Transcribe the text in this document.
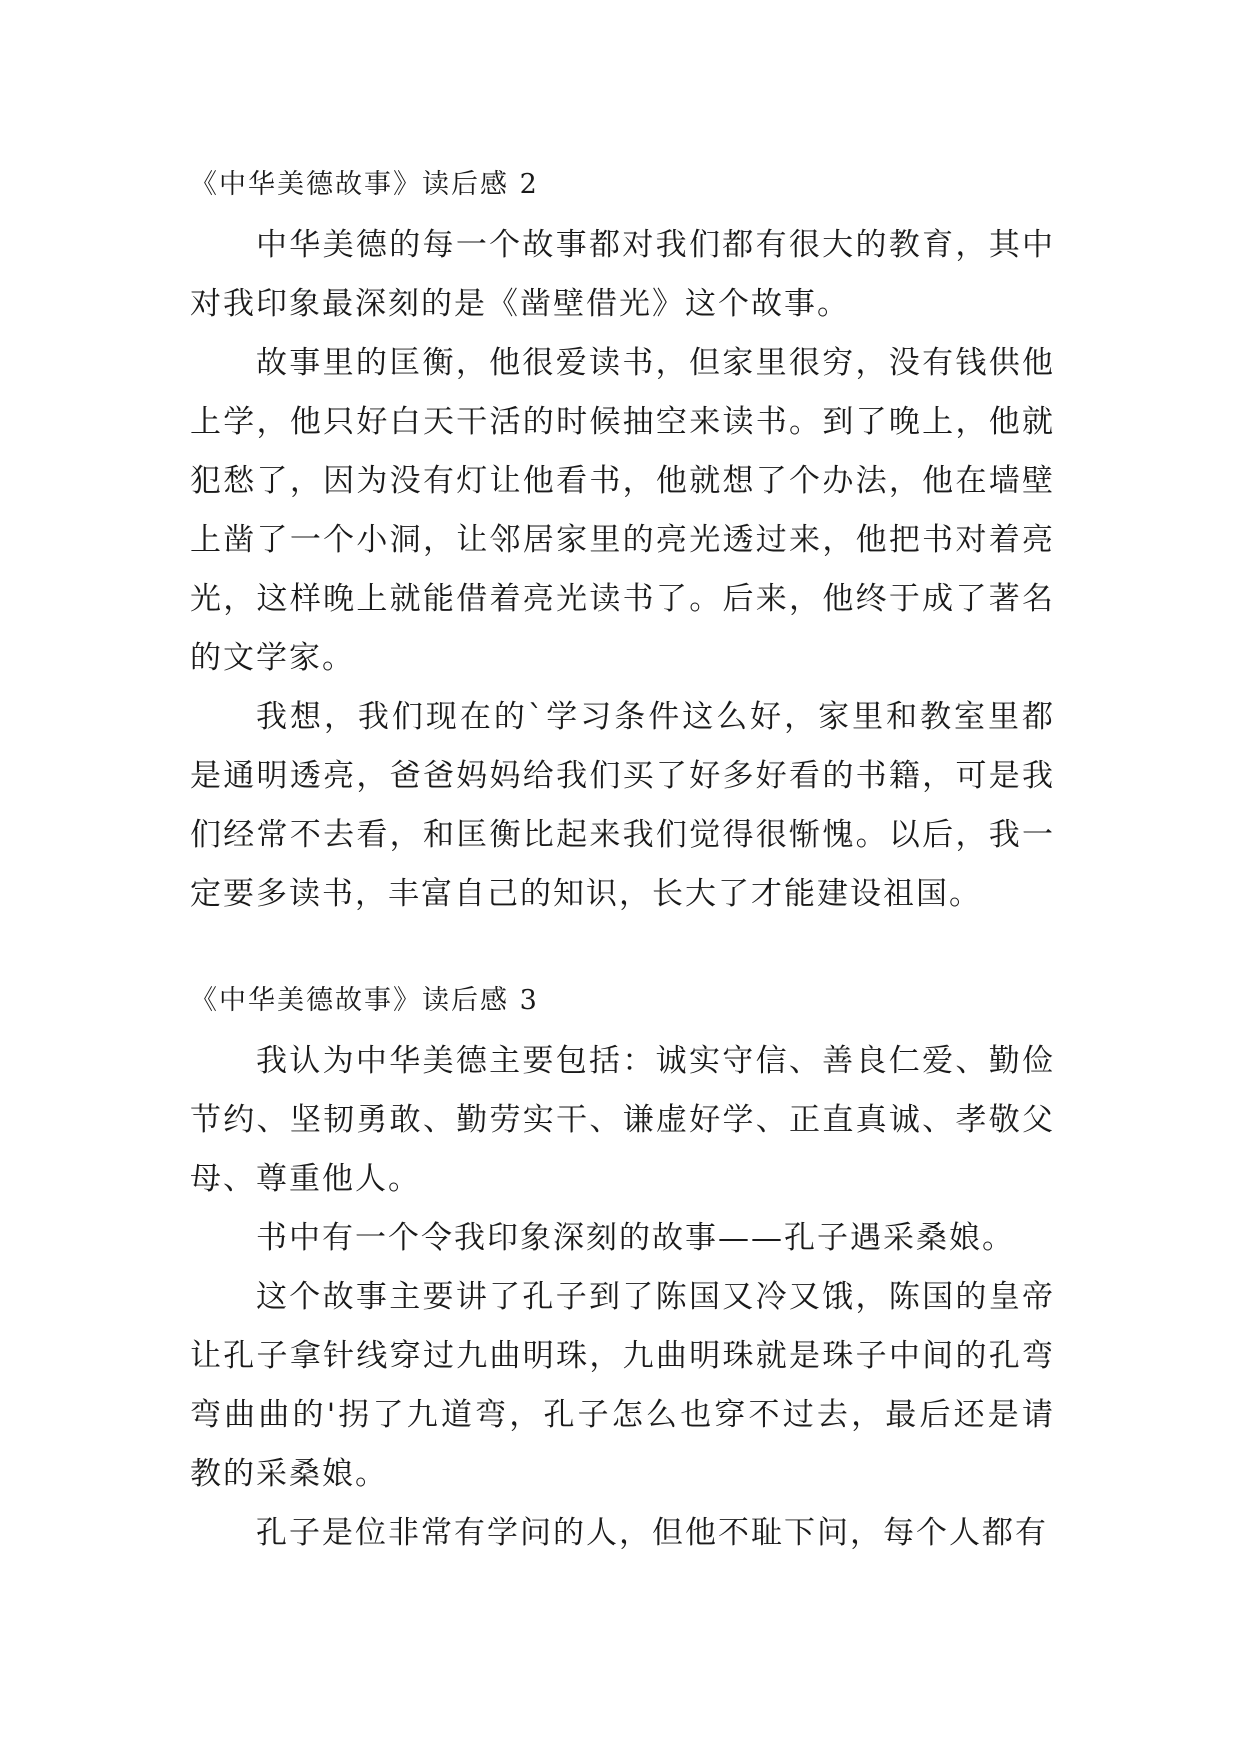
《中华美德故事》读后感 2

中华美德的每一个故事都对我们都有很大的教育，其中对我印象最深刻的是《凿壁借光》这个故事。

故事里的匡衡，他很爱读书，但家里很穷，没有钱供他上学，他只好白天干活的时候抽空来读书。到了晚上，他就犯愁了，因为没有灯让他看书，他就想了个办法，他在墙壁上凿了一个小洞，让邻居家里的亮光透过来，他把书对着亮光，这样晚上就能借着亮光读书了。后来，他终于成了著名的文学家。

我想，我们现在的`学习条件这么好，家里和教室里都是通明透亮，爸爸妈妈给我们买了好多好看的书籍，可是我们经常不去看，和匡衡比起来我们觉得很惭愧。以后，我一定要多读书，丰富自己的知识，长大了才能建设祖国。

《中华美德故事》读后感 3

我认为中华美德主要包括：诚实守信、善良仁爱、勤俭节约、坚韧勇敢、勤劳实干、谦虚好学、正直真诚、孝敬父母、尊重他人。

书中有一个令我印象深刻的故事——孔子遇采桑娘。

这个故事主要讲了孔子到了陈国又冷又饿，陈国的皇帝让孔子拿针线穿过九曲明珠，九曲明珠就是珠子中间的孔弯弯曲曲的'拐了九道弯，孔子怎么也穿不过去，最后还是请教的采桑娘。

孔子是位非常有学问的人，但他不耻下问，每个人都有
